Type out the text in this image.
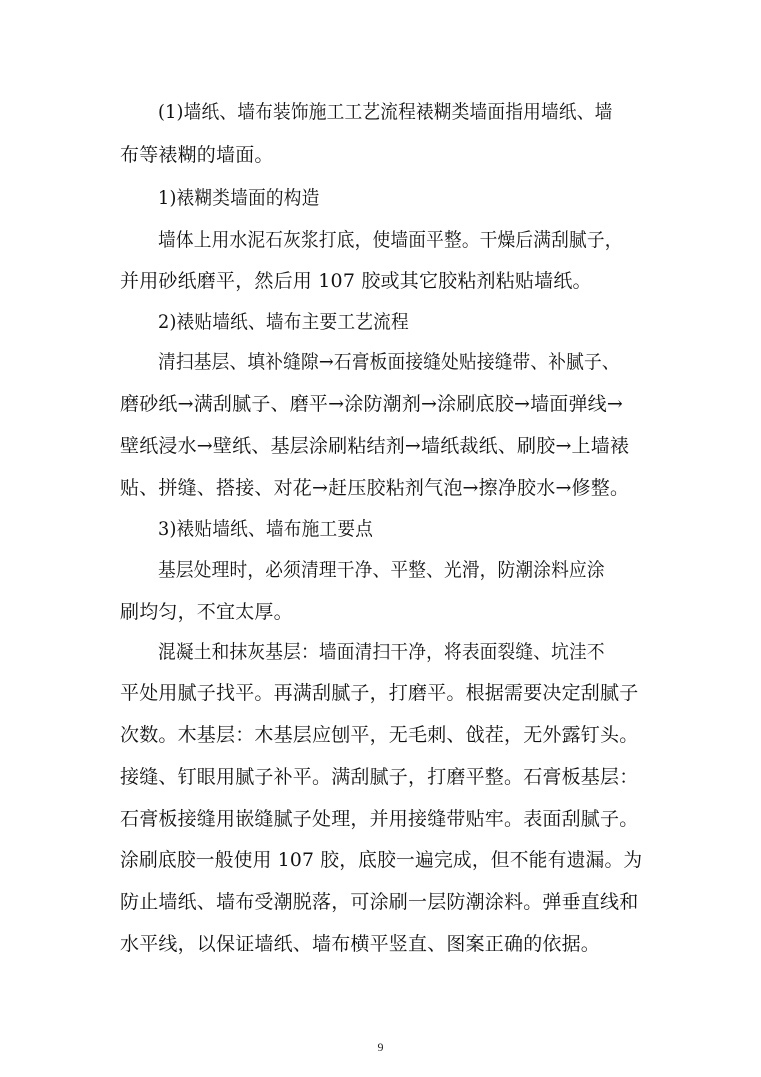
(1)墙纸、墙布装饰施工工艺流程裱糊类墙面指用墙纸、墙
布等裱糊的墙面。
1)裱糊类墙面的构造
墙体上用水泥石灰浆打底，使墙面平整。干燥后满刮腻子，
并用砂纸磨平，然后用 107 胶或其它胶粘剂粘贴墙纸。
2)裱贴墙纸、墙布主要工艺流程
清扫基层、填补缝隙→石膏板面接缝处贴接缝带、补腻子、
磨砂纸→满刮腻子、磨平→涂防潮剂→涂刷底胶→墙面弹线→
壁纸浸水→壁纸、基层涂刷粘结剂→墙纸裁纸、刷胶→上墙裱
贴、拼缝、搭接、对花→赶压胶粘剂气泡→擦净胶水→修整。
3)裱贴墙纸、墙布施工要点
基层处理时，必须清理干净、平整、光滑，防潮涂料应涂
刷均匀，不宜太厚。
混凝土和抹灰基层：墙面清扫干净，将表面裂缝、坑洼不
平处用腻子找平。再满刮腻子，打磨平。根据需要决定刮腻子
次数。木基层：木基层应刨平，无毛刺、戗茬，无外露钉头。
接缝、钉眼用腻子补平。满刮腻子，打磨平整。石膏板基层：
石膏板接缝用嵌缝腻子处理，并用接缝带贴牢。表面刮腻子。
涂刷底胶一般使用 107 胶，底胶一遍完成，但不能有遗漏。为
防止墙纸、墙布受潮脱落，可涂刷一层防潮涂料。弹垂直线和
水平线，以保证墙纸、墙布横平竖直、图案正确的依据。
9
